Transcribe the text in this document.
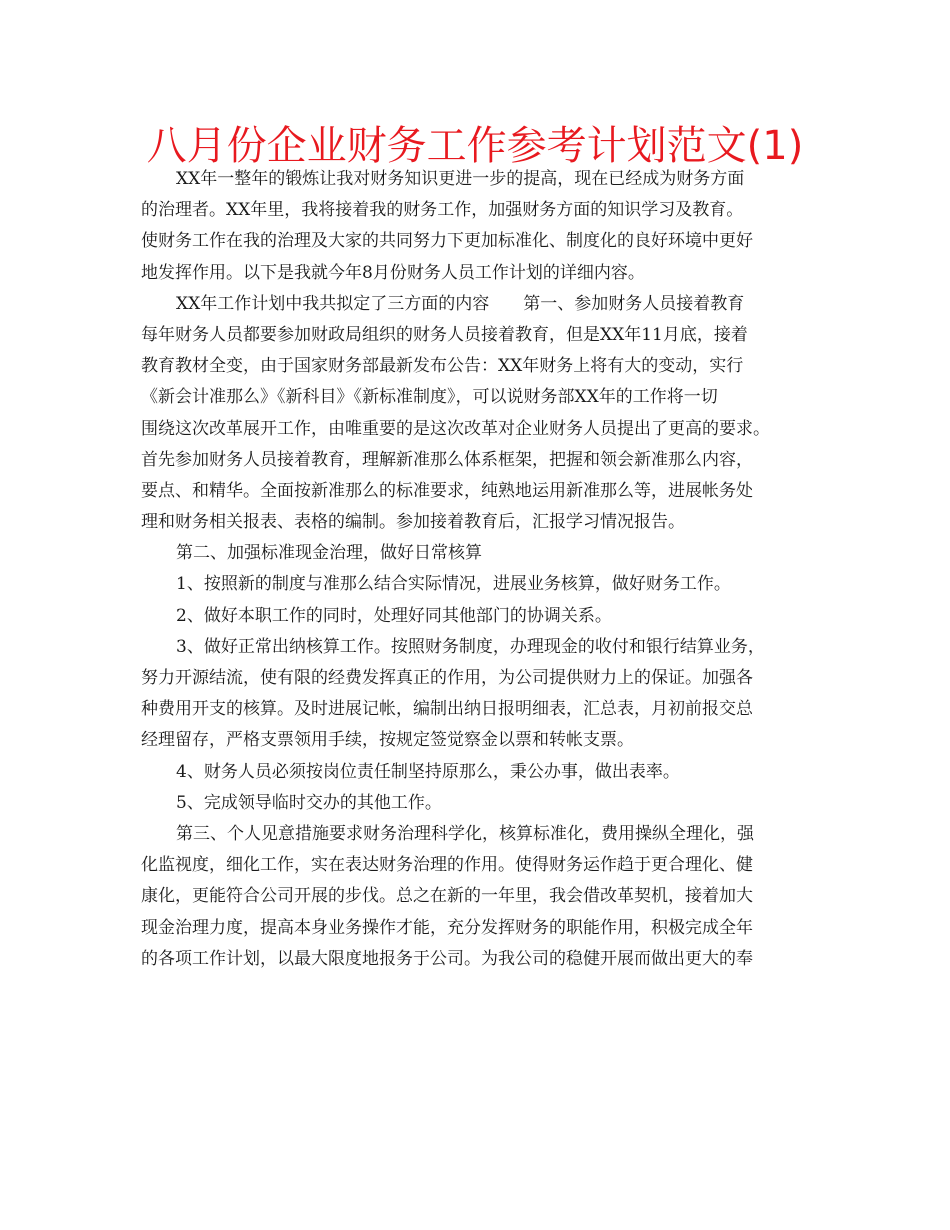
八月份企业财务工作参考计划范文(1)
XX年一整年的锻炼让我对财务知识更进一步的提高，现在已经成为财务方面
的治理者。XX年里，我将接着我的财务工作，加强财务方面的知识学习及教育。
使财务工作在我的治理及大家的共同努力下更加标准化、制度化的良好环境中更好
地发挥作用。以下是我就今年8月份财务人员工作计划的详细内容。
XX年工作计划中我共拟定了三方面的内容　　第一、参加财务人员接着教育
每年财务人员都要参加财政局组织的财务人员接着教育，但是XX年11月底，接着
教育教材全变，由于国家财务部最新发布公告：XX年财务上将有大的变动，实行
《新会计准那么》《新科目》《新标准制度》，可以说财务部XX年的工作将一切
围绕这次改革展开工作，由唯重要的是这次改革对企业财务人员提出了更高的要求。
首先参加财务人员接着教育，理解新准那么体系框架，把握和领会新准那么内容，
要点、和精华。全面按新准那么的标准要求，纯熟地运用新准那么等，进展帐务处
理和财务相关报表、表格的编制。参加接着教育后，汇报学习情况报告。
第二、加强标准现金治理，做好日常核算
1、按照新的制度与准那么结合实际情况，进展业务核算，做好财务工作。
2、做好本职工作的同时，处理好同其他部门的协调关系。
3、做好正常出纳核算工作。按照财务制度，办理现金的收付和银行结算业务，
努力开源结流，使有限的经费发挥真正的作用，为公司提供财力上的保证。加强各
种费用开支的核算。及时进展记帐，编制出纳日报明细表，汇总表，月初前报交总
经理留存，严格支票领用手续，按规定签觉察金以票和转帐支票。
4、财务人员必须按岗位责任制坚持原那么，秉公办事，做出表率。
5、完成领导临时交办的其他工作。
第三、个人见意措施要求财务治理科学化，核算标准化，费用操纵全理化，强
化监视度，细化工作，实在表达财务治理的作用。使得财务运作趋于更合理化、健
康化，更能符合公司开展的步伐。总之在新的一年里，我会借改革契机，接着加大
现金治理力度，提高本身业务操作才能，充分发挥财务的职能作用，积极完成全年
的各项工作计划，以最大限度地报务于公司。为我公司的稳健开展而做出更大的奉
